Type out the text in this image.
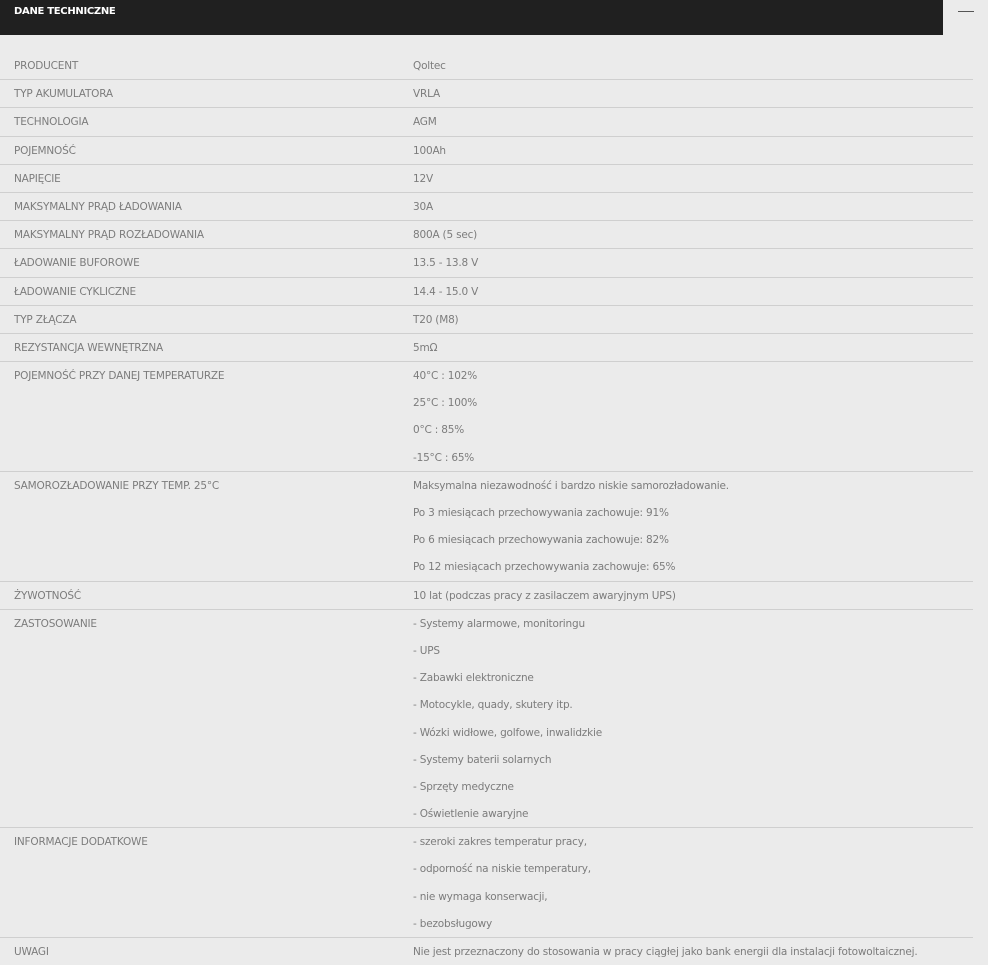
DANE TECHNICZNE
PRODUCENT	Qoltec
TYP AKUMULATORA	VRLA
TECHNOLOGIA	AGM
POJEMNOŚĆ	100Ah
NAPIĘCIE	12V
MAKSYMALNY PRĄD ŁADOWANIA	30A
MAKSYMALNY PRĄD ROZŁADOWANIA	800A (5 sec)
ŁADOWANIE BUFOROWE	13.5 - 13.8 V
ŁADOWANIE CYKLICZNE	14.4 - 15.0 V
TYP ZŁĄCZA	T20 (M8)
REZYSTANCJA WEWNĘTRZNA	5mΩ
POJEMNOŚĆ PRZY DANEJ TEMPERATURZE	40°C : 102%
25°C : 100%
0°C : 85%
-15°C : 65%
SAMOROZŁADOWANIE PRZY TEMP. 25°C	Maksymalna niezawodność i bardzo niskie samorozładowanie.
Po 3 miesiącach przechowywania zachowuje: 91%
Po 6 miesiącach przechowywania zachowuje: 82%
Po 12 miesiącach przechowywania zachowuje: 65%
ŻYWOTNOŚĆ	10 lat (podczas pracy z zasilaczem awaryjnym UPS)
ZASTOSOWANIE	- Systemy alarmowe, monitoringu
- UPS
- Zabawki elektroniczne
- Motocykle, quady, skutery itp.
- Wózki widłowe, golfowe, inwalidzkie
- Systemy baterii solarnych
- Sprzęty medyczne
- Oświetlenie awaryjne
INFORMACJE DODATKOWE	- szeroki zakres temperatur pracy,
- odporność na niskie temperatury,
- nie wymaga konserwacji,
- bezobsługowy
UWAGI	Nie jest przeznaczony do stosowania w pracy ciągłej jako bank energii dla instalacji fotowoltaicznej.
